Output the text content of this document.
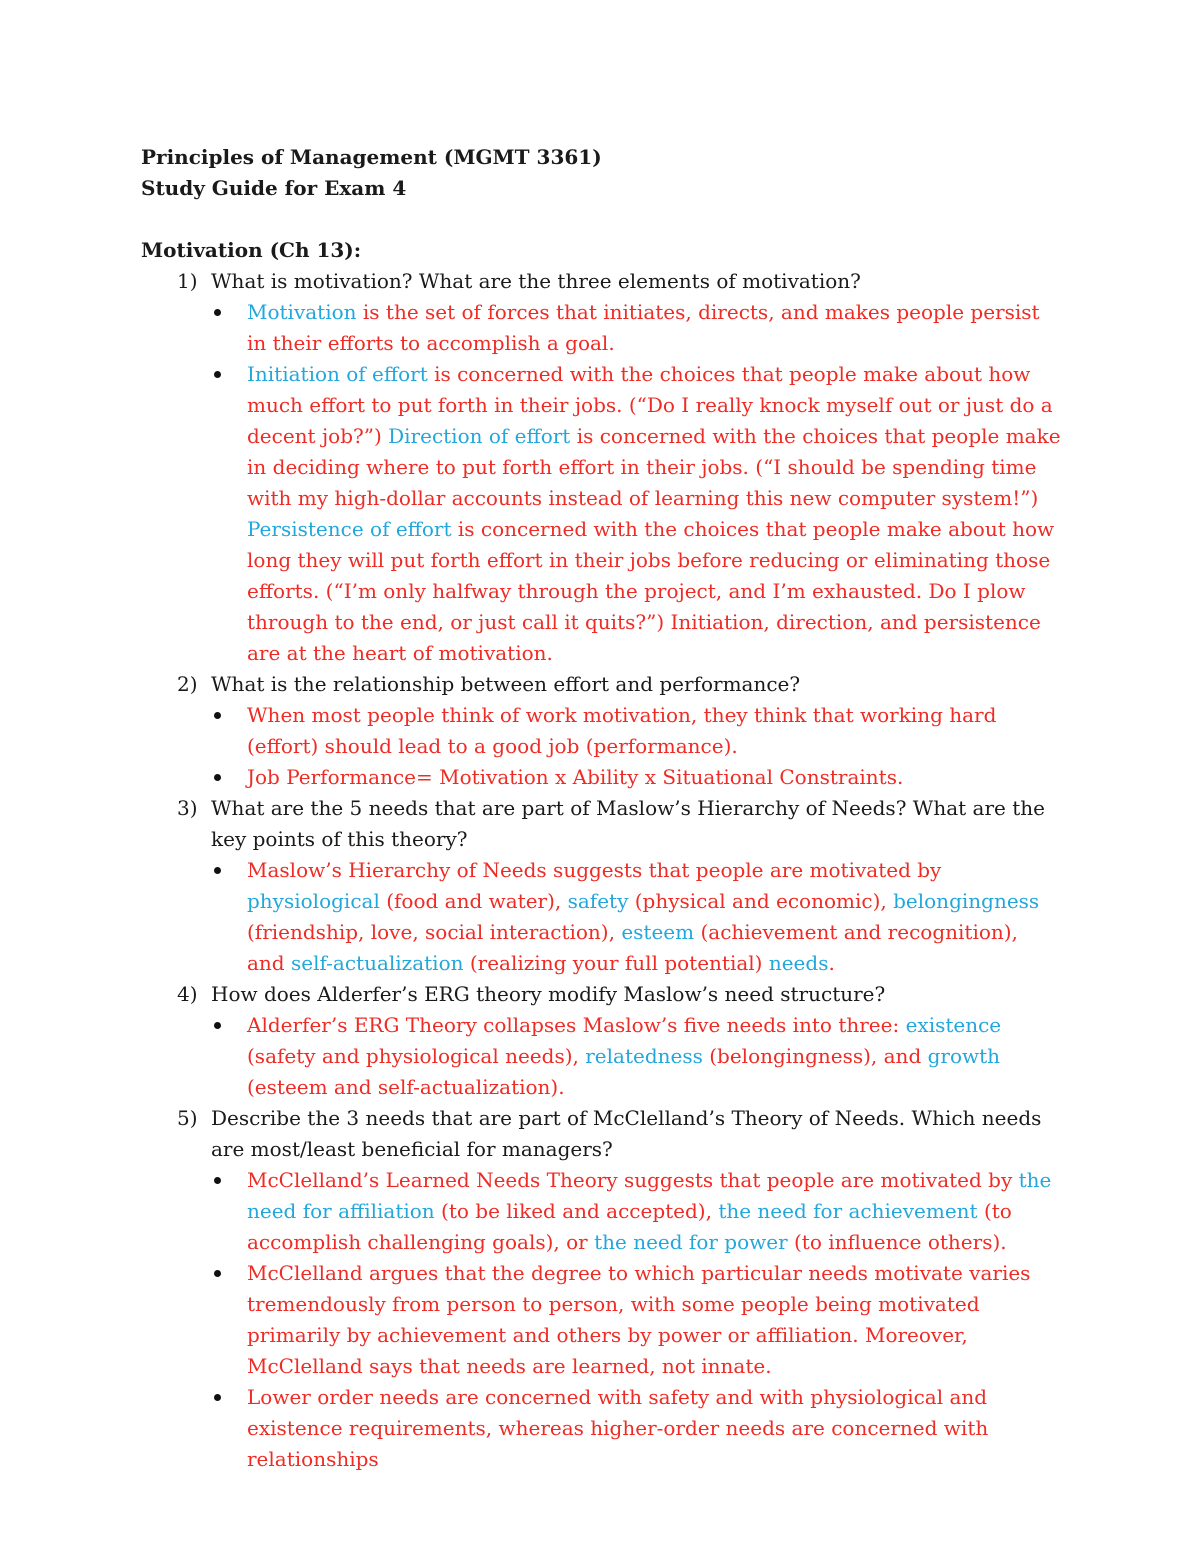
Principles of Management (MGMT 3361)
Study Guide for Exam 4
Motivation (Ch 13):
1) What is motivation? What are the three elements of motivation?
Motivation is the set of forces that initiates, directs, and makes people persist in their efforts to accomplish a goal.
Initiation of effort is concerned with the choices that people make about how much effort to put forth in their jobs. (“Do I really knock myself out or just do a decent job?”) Direction of effort is concerned with the choices that people make in deciding where to put forth effort in their jobs. (“I should be spending time with my high-dollar accounts instead of learning this new computer system!”) Persistence of effort is concerned with the choices that people make about how long they will put forth effort in their jobs before reducing or eliminating those efforts. (“I’m only halfway through the project, and I’m exhausted. Do I plow through to the end, or just call it quits?”) Initiation, direction, and persistence are at the heart of motivation.
2) What is the relationship between effort and performance?
When most people think of work motivation, they think that working hard (effort) should lead to a good job (performance).
Job Performance= Motivation x Ability x Situational Constraints.
3) What are the 5 needs that are part of Maslow’s Hierarchy of Needs? What are the key points of this theory?
Maslow’s Hierarchy of Needs suggests that people are motivated by physiological (food and water), safety (physical and economic), belongingness (friendship, love, social interaction), esteem (achievement and recognition), and self-actualization (realizing your full potential) needs.
4) How does Alderfer’s ERG theory modify Maslow’s need structure?
Alderfer’s ERG Theory collapses Maslow’s five needs into three: existence (safety and physiological needs), relatedness (belongingness), and growth (esteem and self-actualization).
5) Describe the 3 needs that are part of McClelland’s Theory of Needs. Which needs are most/least beneficial for managers?
McClelland’s Learned Needs Theory suggests that people are motivated by the need for affiliation (to be liked and accepted), the need for achievement (to accomplish challenging goals), or the need for power (to influence others).
McClelland argues that the degree to which particular needs motivate varies tremendously from person to person, with some people being motivated primarily by achievement and others by power or affiliation. Moreover, McClelland says that needs are learned, not innate.
Lower order needs are concerned with safety and with physiological and existence requirements, whereas higher-order needs are concerned with relationships
